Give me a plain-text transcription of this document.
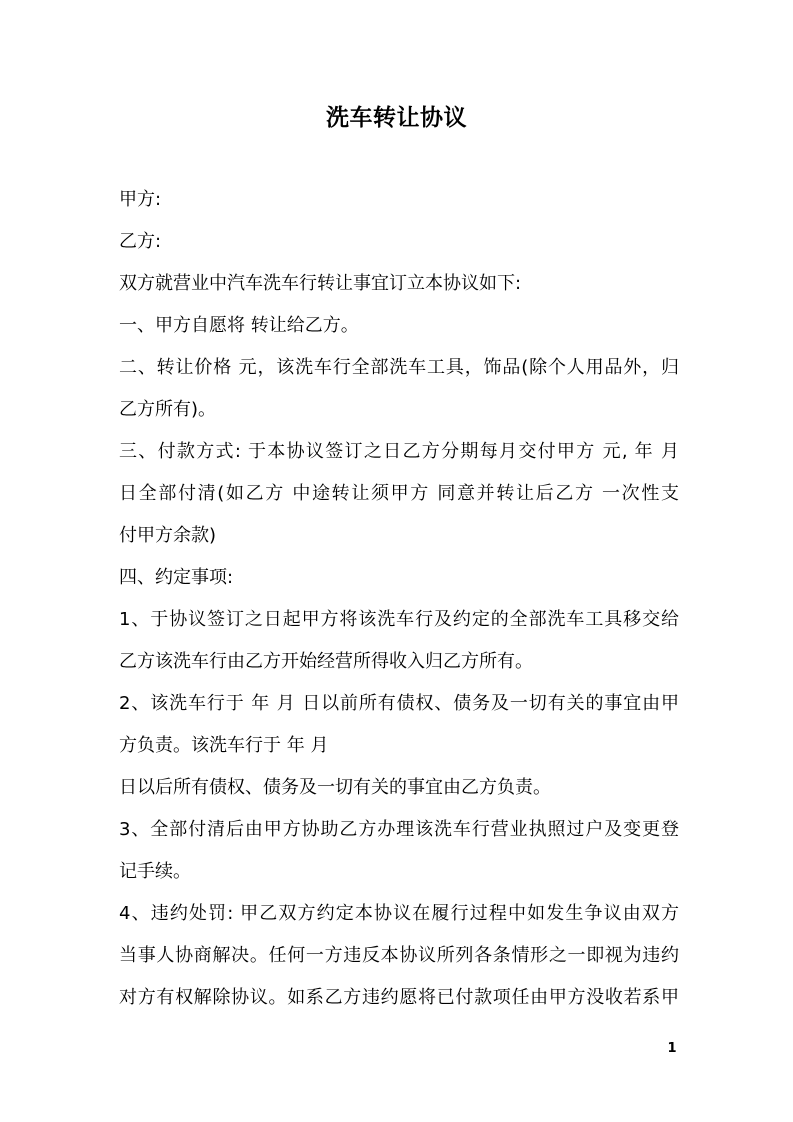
洗车转让协议
甲方:
乙方:
双方就营业中汽车洗车行转让事宜订立本协议如下:
一、甲方自愿将 转让给乙方。
二、转让价格 元，该洗车行全部洗车工具，饰品(除个人用品外，归
乙方所有)。
三、付款方式: 于本协议签订之日乙方分期每月交付甲方 元, 年 月
日全部付清(如乙方 中途转让须甲方 同意并转让后乙方 一次性支
付甲方余款)
四、约定事项:
1、于协议签订之日起甲方将该洗车行及约定的全部洗车工具移交给
乙方该洗车行由乙方开始经营所得收入归乙方所有。
2、该洗车行于 年 月 日以前所有债权、债务及一切有关的事宜由甲
方负责。该洗车行于 年 月
日以后所有债权、债务及一切有关的事宜由乙方负责。
3、全部付清后由甲方协助乙方办理该洗车行营业执照过户及变更登
记手续。
4、违约处罚: 甲乙双方约定本协议在履行过程中如发生争议由双方
当事人协商解决。任何一方违反本协议所列各条情形之一即视为违约
对方有权解除协议。如系乙方违约愿将已付款项任由甲方没收若系甲
1
